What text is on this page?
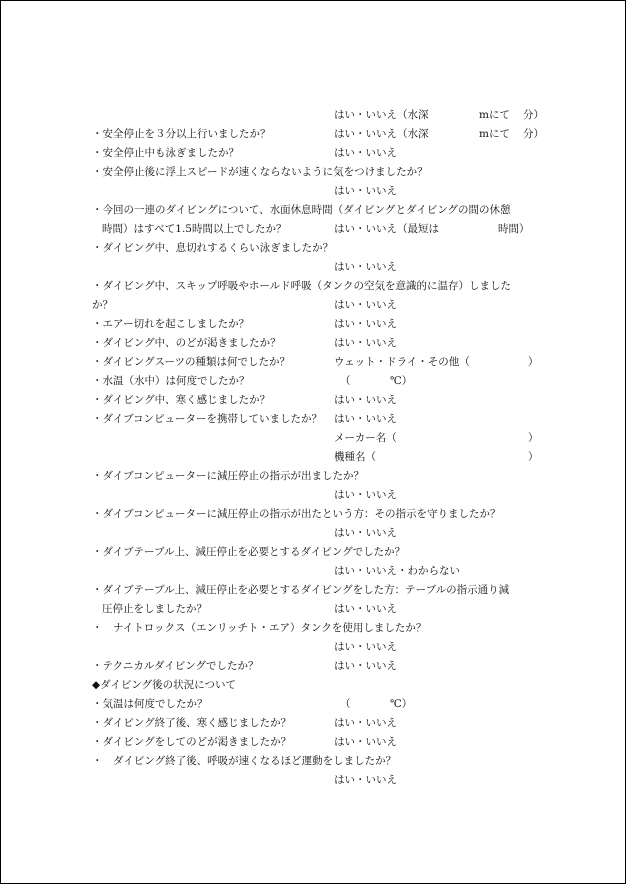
はい・いいえ（水深	mにて 分）
・安全停止を３分以上行いましたか？	はい・いいえ（水深	mにて 分）
・安全停止中も泳ぎましたか？	はい・いいえ
・安全停止後に浮上スピードが速くならないように気をつけましたか？
はい・いいえ
・今回の一連のダイビングについて、水面休息時間（ダイビングとダイビングの間の休憩
時間）はすべて1.5時間以上でしたか？	はい・いいえ（最短は	時間）
・ダイビング中、息切れするくらい泳ぎましたか？
はい・いいえ
・ダイビング中、スキップ呼吸やホールド呼吸（タンクの空気を意識的に温存）しました
か？	はい・いいえ
・エアー切れを起こしましたか？	はい・いいえ
・ダイビング中、のどが渇きましたか？	はい・いいえ
・ダイビングスーツの種類は何でしたか？	ウェット・ドライ・その他（	）
・水温（水中）は何度でしたか？	（	℃）
・ダイビング中、寒く感じましたか？	はい・いいえ
・ダイブコンピューターを携帯していましたか？ はい・いいえ
メーカー名（	）
機種名（	）
・ダイブコンピューターに減圧停止の指示が出ましたか？
はい・いいえ
・ダイブコンピューターに減圧停止の指示が出たという方：その指示を守りましたか？
はい・いいえ
・ダイブテーブル上、減圧停止を必要とするダイビングでしたか？
はい・いいえ・わからない
・ダイブテーブル上、減圧停止を必要とするダイビングをした方：テーブルの指示通り減
圧停止をしましたか？	はい・いいえ
・　ナイトロックス（エンリッチト・エア）タンクを使用しましたか？
はい・いいえ
・テクニカルダイビングでしたか？	はい・いいえ
◆ダイビング後の状況について
・気温は何度でしたか？	（	℃）
・ダイビング終了後、寒く感じましたか？	はい・いいえ
・ダイビングをしてのどが渇きましたか？	はい・いいえ
・　ダイビング終了後、呼吸が速くなるほど運動をしましたか？
はい・いいえ
